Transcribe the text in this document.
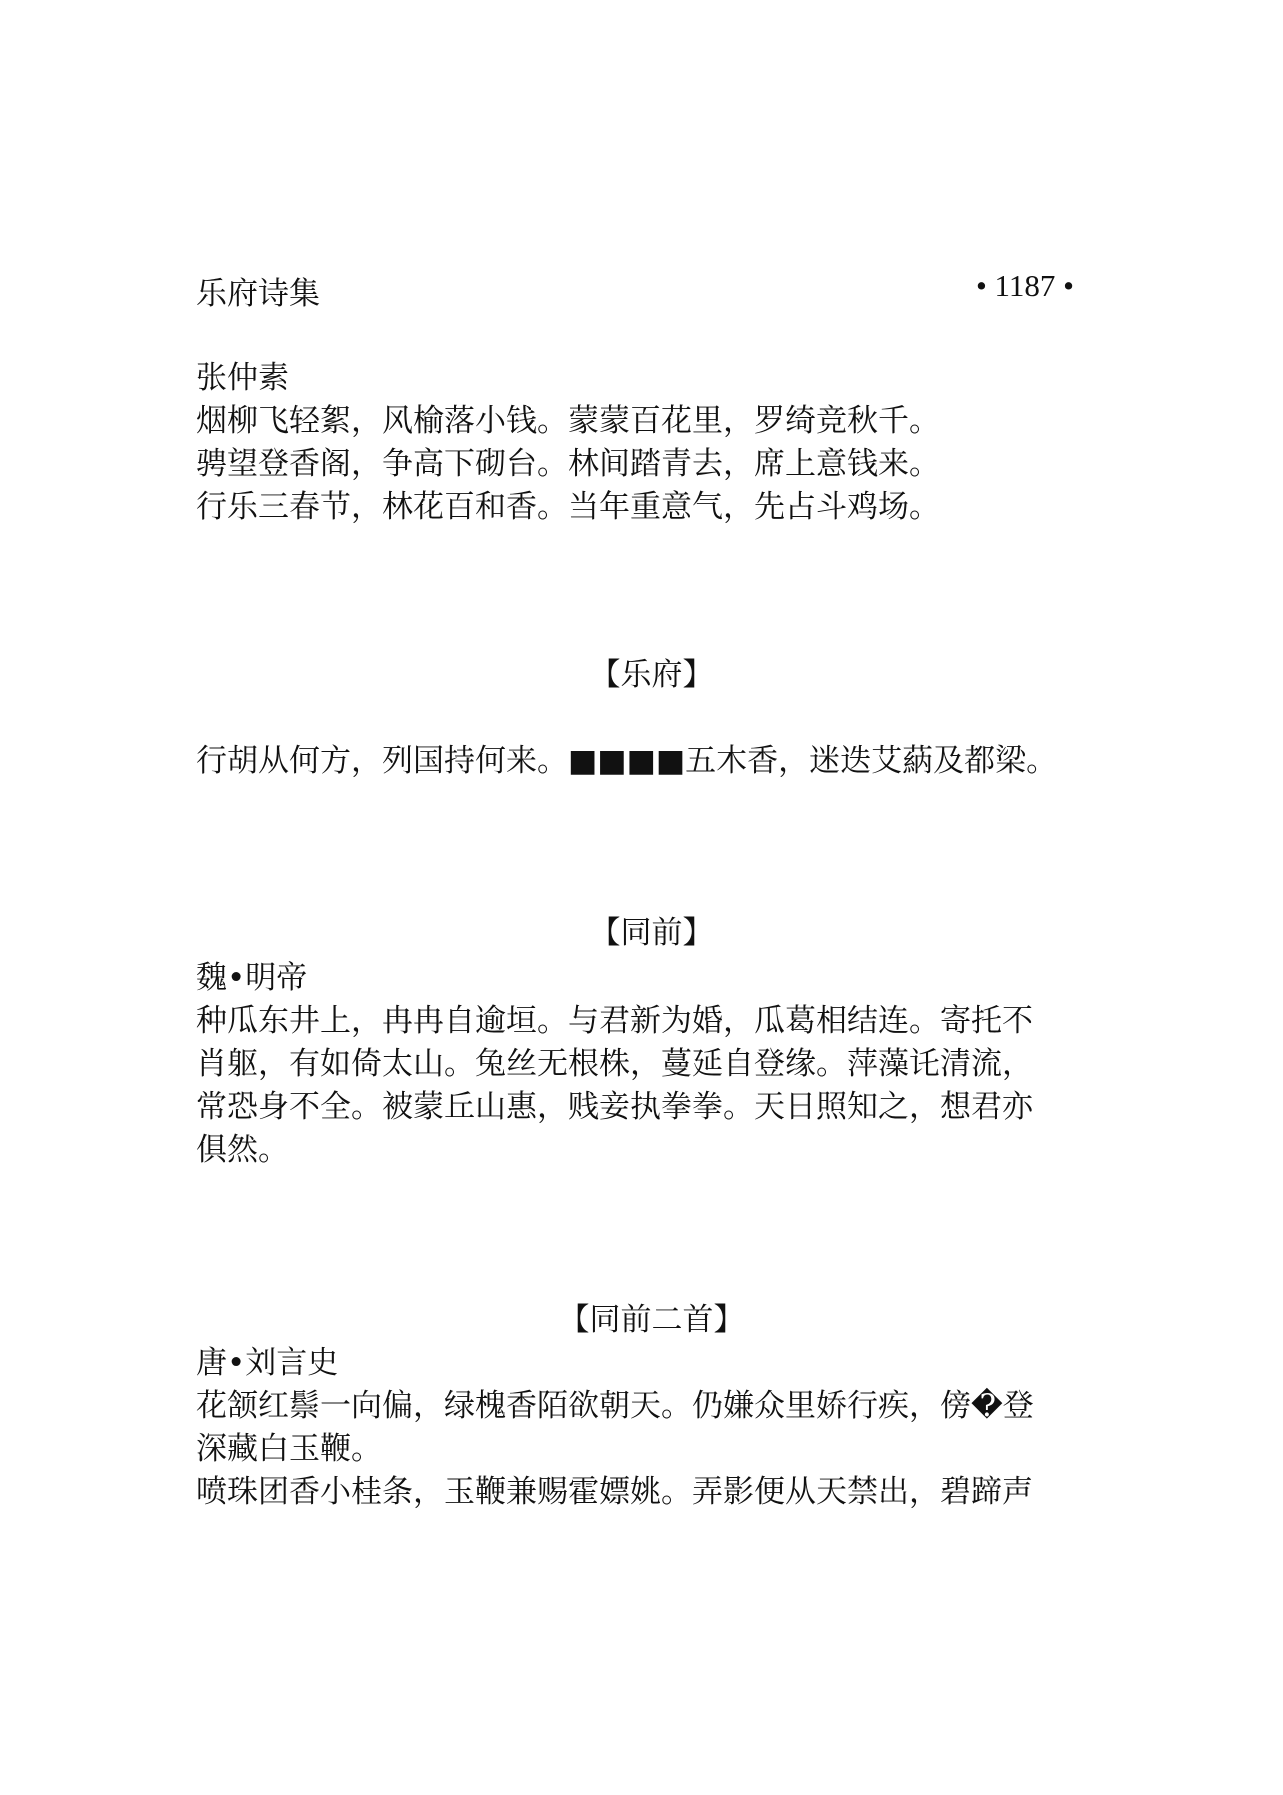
乐府诗集	• 1187 •
张仲素
烟柳飞轻絮，风榆落小钱。蒙蒙百花里，罗绮竞秋千。
骋望登香阁，争高下砌台。林间踏青去，席上意钱来。
行乐三春节，林花百和香。当年重意气，先占斗鸡场。
【乐府】
行胡从何方，列国持何来。■■■■五木香，迷迭艾蒳及都梁。
【同前】
魏•明帝
种瓜东井上，冉冉自逾垣。与君新为婚，瓜葛相结连。寄托不
肖躯，有如倚太山。兔丝无根株，蔓延自登缘。萍藻讬清流，
常恐身不全。被蒙丘山惠，贱妾执拳拳。天日照知之，想君亦
俱然。
【同前二首】
唐•刘言史
花颔红鬃一向偏，绿槐香陌欲朝天。仍嫌众里娇行疾，傍�登
深藏白玉鞭。
喷珠团香小桂条，玉鞭兼赐霍嫖姚。弄影便从天禁出，碧蹄声
